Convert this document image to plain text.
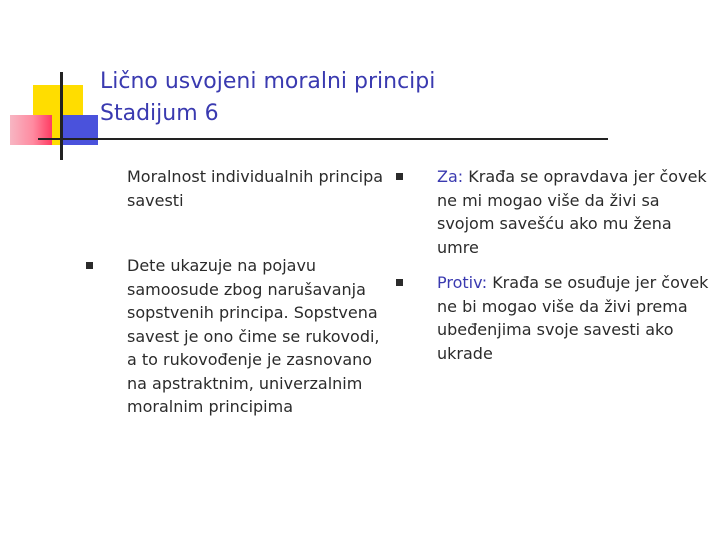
Lično usvojeni moralni principi
Stadijum 6
Moralnost individualnih principa savesti
Dete ukazuje na pojavu samoosude zbog narušavanja sopstvenih principa. Sopstvena savest je ono čime se rukovodi, a to rukovođenje je zasnovano na apstraktnim, univerzalnim moralnim principima
Za: Krađa se opravdava jer čovek ne mi mogao više da živi sa svojom savešću ako mu žena umre
Protiv: Krađa se osuđuje jer čovek ne bi mogao više da živi prema ubeđenjima svoje savesti ako ukrade
